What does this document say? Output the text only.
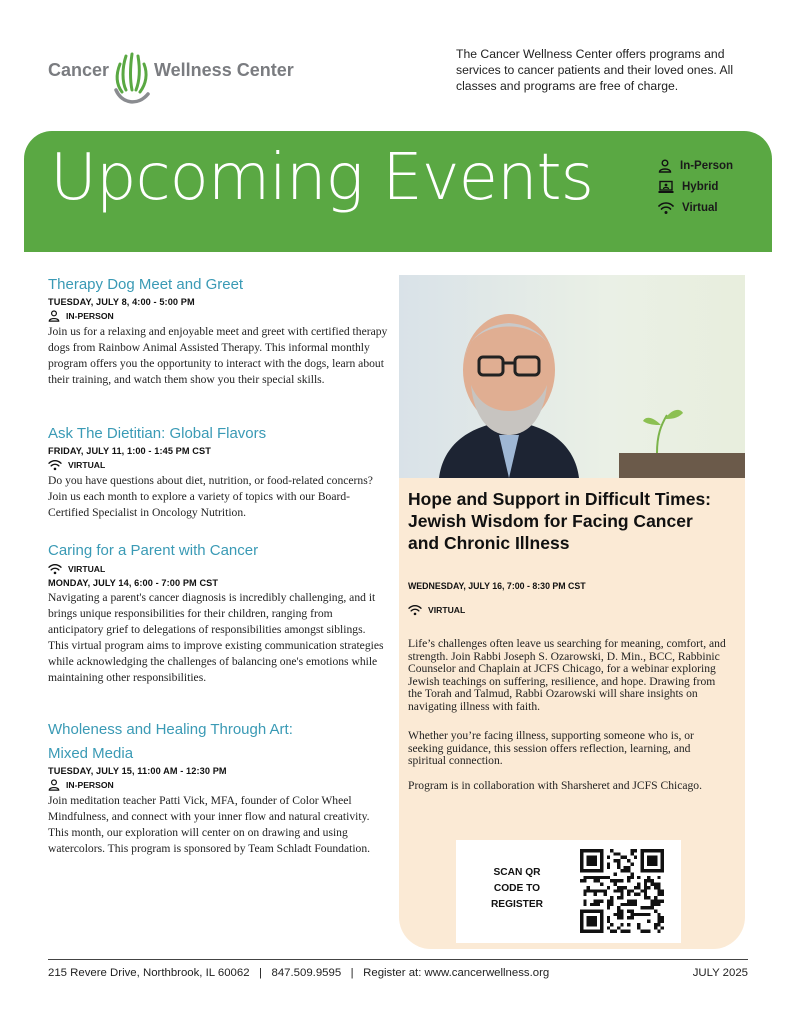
Cancer Wellness Center

The Cancer Wellness Center offers programs and services to cancer patients and their loved ones. All classes and programs are free of charge.

Upcoming Events	In-Person
Hybrid
Virtual
Therapy Dog Meet and Greet
TUESDAY, JULY 8, 4:00 - 5:00 PM
IN-PERSON

Join us for a relaxing and enjoyable meet and greet with certified therapy dogs from Rainbow Animal Assisted Therapy. This informal monthly program offers you the opportunity to interact with the dogs, learn about their training, and watch them show you their special skills.

Ask The Dietitian: Global Flavors
FRIDAY, JULY 11, 1:00 - 1:45 PM CST
VIRTUAL

Do you have questions about diet, nutrition, or food-related concerns? Join us each month to explore a variety of topics with our Board-Certified Specialist in Oncology Nutrition.

Caring for a Parent with Cancer
VIRTUAL
MONDAY, JULY 14, 6:00 - 7:00 PM CST

Navigating a parent's cancer diagnosis is incredibly challenging, and it brings unique responsibilities for their children, ranging from anticipatory grief to delegations of responsibilities amongst siblings. This virtual program aims to improve existing communication strategies while acknowledging the challenges of balancing one's emotions while maintaining other responsibilities.

Wholeness and Healing Through Art:
Mixed Media
TUESDAY, JULY 15, 11:00 AM - 12:30 PM
IN-PERSON

Join meditation teacher Patti Vick, MFA, founder of Color Wheel Mindfulness, and connect with your inner flow and natural creativity. This month, our exploration will center on on drawing and using watercolors. This program is sponsored by Team Schladt Foundation.

Hope and Support in Difficult Times: Jewish Wisdom for Facing Cancer and Chronic Illness
WEDNESDAY, JULY 16, 7:00 - 8:30 PM CST
VIRTUAL

Life’s challenges often leave us searching for meaning, comfort, and strength. Join Rabbi Joseph S. Ozarowski, D. Min., BCC, Rabbinic Counselor and Chaplain at JCFS Chicago, for a webinar exploring Jewish teachings on suffering, resilience, and hope. Drawing from the Torah and Talmud, Rabbi Ozarowski will share insights on navigating illness with faith.

Whether you’re facing illness, supporting someone who is, or seeking guidance, this session offers reflection, learning, and spiritual connection.

Program is in collaboration with Sharsheret and JCFS Chicago.

SCAN QR CODE TO REGISTER
215 Revere Drive, Northbrook, IL 60062   |   847.509.9595   |   Register at: www.cancerwellness.org	JULY 2025
